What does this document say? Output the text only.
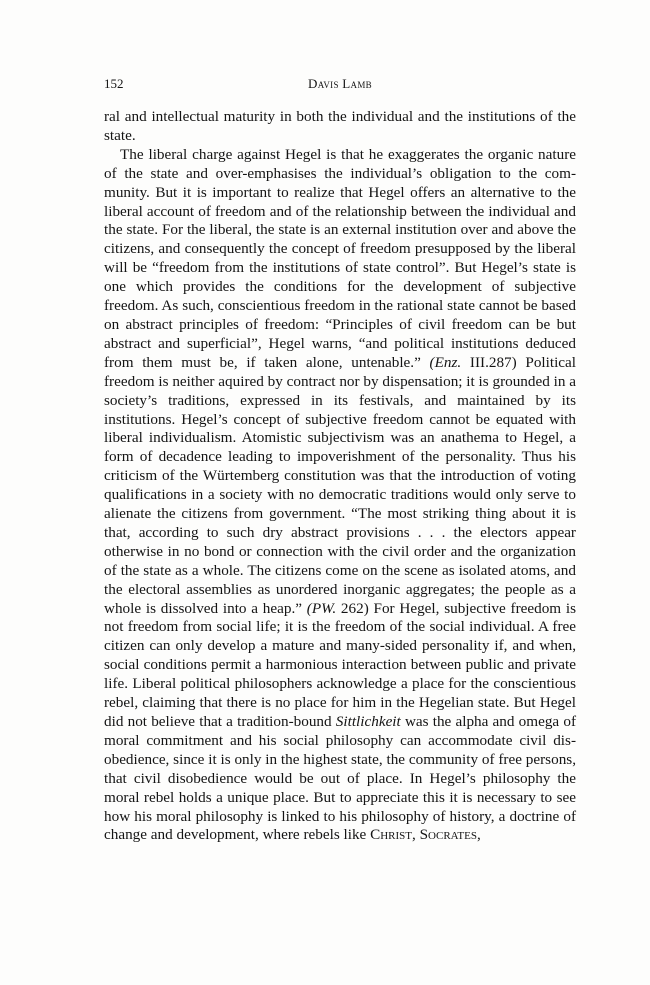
152	Davis Lamb

ral and intellectual maturity in both the individual and the institutions of the state.

The liberal charge against Hegel is that he exaggerates the organic nature of the state and over-emphasises the individual’s obligation to the community. But it is important to realize that Hegel offers an alternative to the liberal account of freedom and of the relationship between the individual and the state. For the liberal, the state is an external institution over and above the citizens, and consequently the concept of freedom presupposed by the liberal will be “freedom from the institutions of state control”. But Hegel’s state is one which provides the conditions for the development of subjective freedom. As such, conscientious freedom in the rational state cannot be based on abstract principles of freedom: “Principles of civil freedom can be but abstract and superficial”, Hegel warns, “and political institutions deduced from them must be, if taken alone, untenable.” (Enz. III.287) Political freedom is neither aquired by contract nor by dispensation; it is grounded in a society’s traditions, expressed in its festivals, and maintained by its institutions. Hegel’s concept of subjective freedom cannot be equated with liberal individualism. Atomistic subjectivism was an anathema to Hegel, a form of decadence leading to impoverishment of the personality. Thus his criticism of the Würtemberg constitution was that the introduction of voting qualifications in a society with no democratic traditions would only serve to alienate the citizens from government. “The most striking thing about it is that, according to such dry abstract provisions . . . the electors appear otherwise in no bond or connection with the civil order and the organization of the state as a whole. The citizens come on the scene as isolated atoms, and the electoral assemblies as unordered inorganic aggregates; the people as a whole is dissolved into a heap.” (PW. 262) For Hegel, subjective freedom is not freedom from social life; it is the freedom of the social individual. A free citizen can only develop a mature and many-sided personality if, and when, social conditions permit a harmonious interaction between public and private life. Liberal political philosophers acknowledge a place for the conscientious rebel, claiming that there is no place for him in the Hegelian state. But Hegel did not believe that a tradition-bound Sittlichkeit was the alpha and omega of moral commitment and his social philosophy can accommodate civil disobedience, since it is only in the highest state, the community of free persons, that civil disobedience would be out of place. In Hegel’s philosophy the moral rebel holds a unique place. But to appreciate this it is necessary to see how his moral philosophy is linked to his philosophy of history, a doctrine of change and development, where rebels like Christ, Socrates,
